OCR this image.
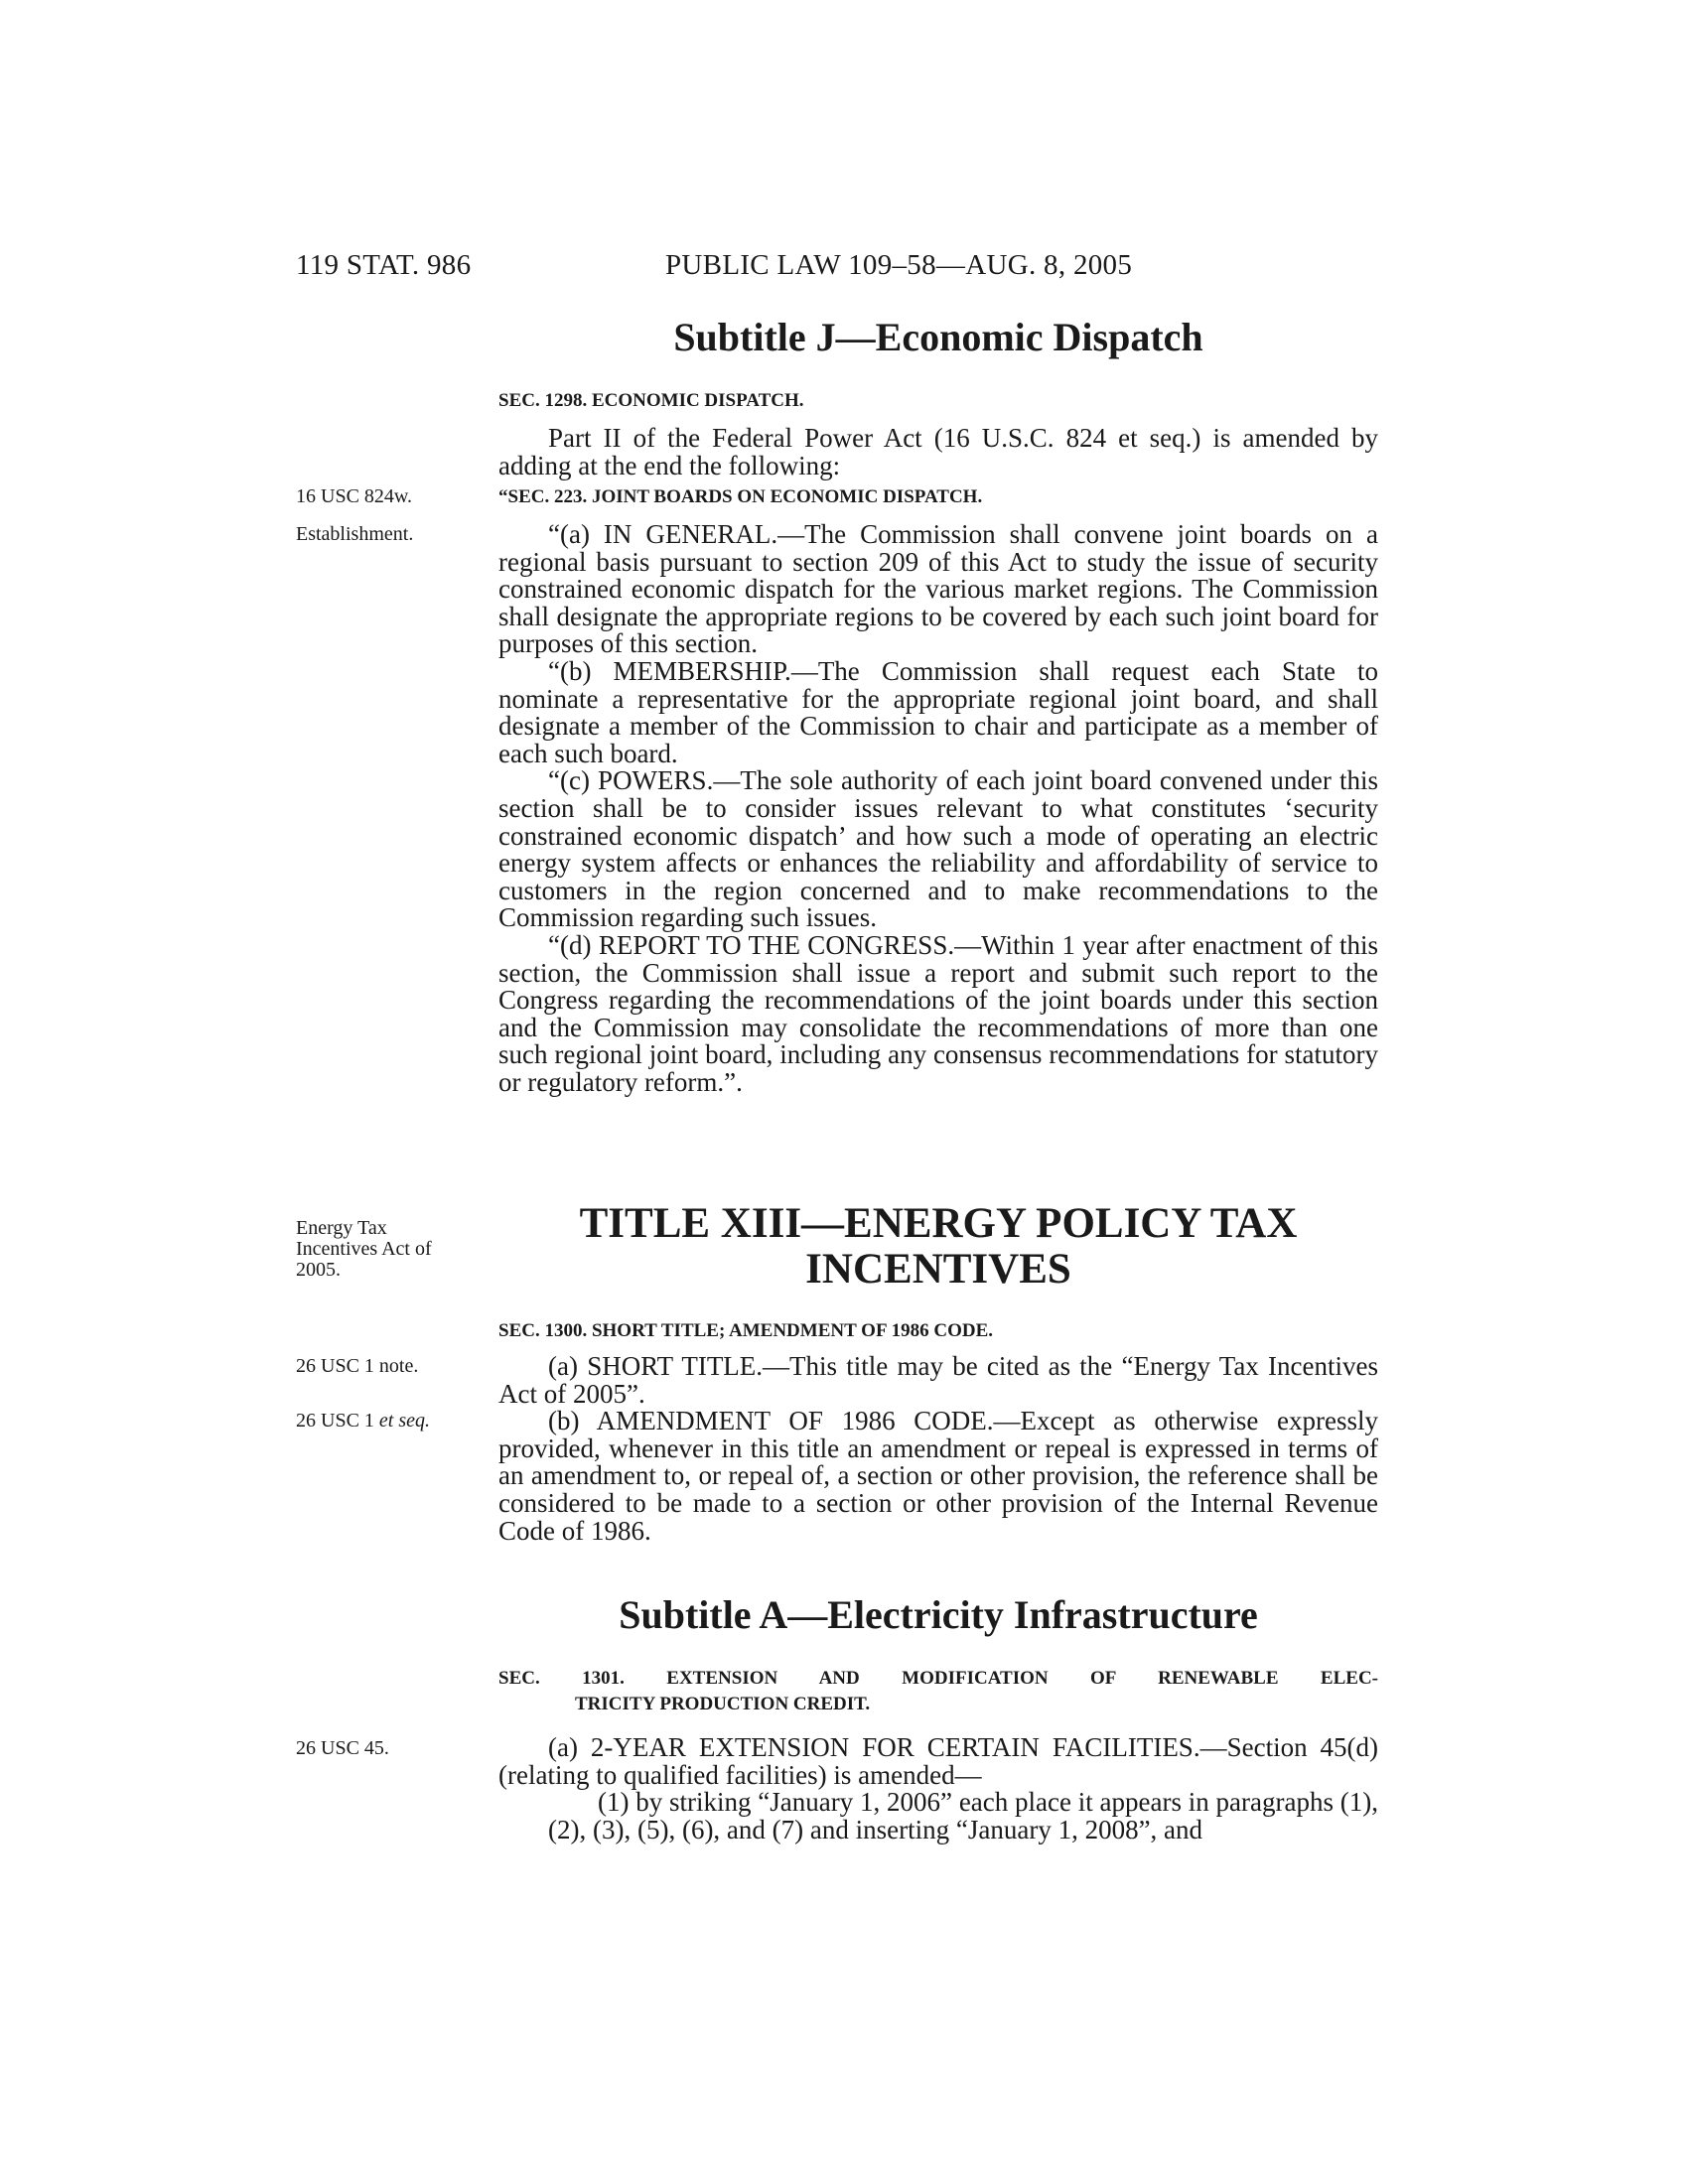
119 STAT. 986	PUBLIC LAW 109–58—AUG. 8, 2005
Subtitle J—Economic Dispatch

SEC. 1298. ECONOMIC DISPATCH.

Part II of the Federal Power Act (16 U.S.C. 824 et seq.) is amended by adding at the end the following:

16 USC 824w.	“SEC. 223. JOINT BOARDS ON ECONOMIC DISPATCH.

Establishment.	“(a) IN GENERAL.—The Commission shall convene joint boards on a regional basis pursuant to section 209 of this Act to study the issue of security constrained economic dispatch for the various market regions. The Commission shall designate the appropriate regions to be covered by each such joint board for purposes of this section.

“(b) MEMBERSHIP.—The Commission shall request each State to nominate a representative for the appropriate regional joint board, and shall designate a member of the Commission to chair and participate as a member of each such board.

“(c) POWERS.—The sole authority of each joint board convened under this section shall be to consider issues relevant to what constitutes ‘security constrained economic dispatch’ and how such a mode of operating an electric energy system affects or enhances the reliability and affordability of service to customers in the region concerned and to make recommendations to the Commission regarding such issues.

“(d) REPORT TO THE CONGRESS.—Within 1 year after enactment of this section, the Commission shall issue a report and submit such report to the Congress regarding the recommendations of the joint boards under this section and the Commission may consolidate the recommendations of more than one such regional joint board, including any consensus recommendations for statutory or regulatory reform.”.

Energy Tax Incentives Act of 2005.
TITLE XIII—ENERGY POLICY TAX
INCENTIVES

SEC. 1300. SHORT TITLE; AMENDMENT OF 1986 CODE.

26 USC 1 note.
26 USC 1 et seq.

(a) SHORT TITLE.—This title may be cited as the “Energy Tax Incentives Act of 2005”.

(b) AMENDMENT OF 1986 CODE.—Except as otherwise expressly provided, whenever in this title an amendment or repeal is expressed in terms of an amendment to, or repeal of, a section or other provision, the reference shall be considered to be made to a section or other provision of the Internal Revenue Code of 1986.

Subtitle A—Electricity Infrastructure

SEC. 1301. EXTENSION AND MODIFICATION OF RENEWABLE ELEC-

TRICITY PRODUCTION CREDIT.

26 USC 45.	(a) 2-YEAR EXTENSION FOR CERTAIN FACILITIES.—Section 45(d) (relating to qualified facilities) is amended—

(1) by striking “January 1, 2006” each place it appears in paragraphs (1), (2), (3), (5), (6), and (7) and inserting “January 1, 2008”, and
